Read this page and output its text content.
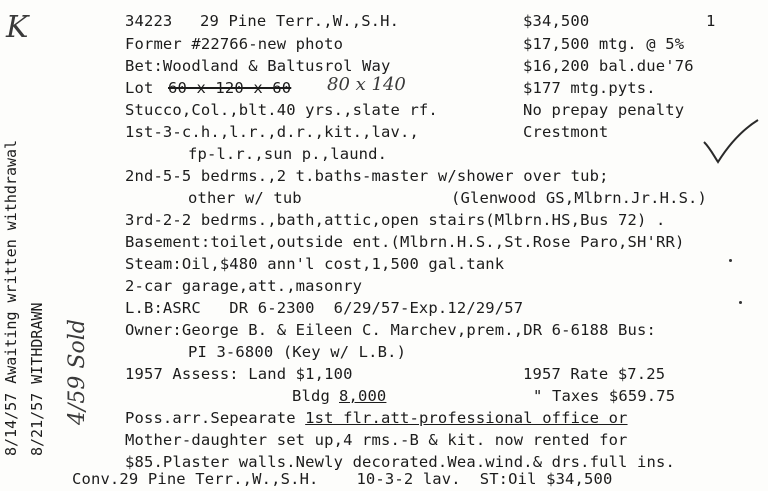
K
8/14/57 Awaiting written withdrawal 8/21/57 WITHDRAWN 4/59 Sold
34223 29 Pine Terr.,W.,S.H.	$34,500	1
Former #22766-new photo	$17,500 mtg. @ 5%
Bet:Woodland & Baltusrol Way	$16,200 bal.due'76
Lot 60 x 120 x 60 80 x 140	$177 mtg.pyts.
Stucco,Col.,blt.40 yrs.,slate rf.	No prepay penalty
1st-3-c.h.,l.r.,d.r.,kit.,lav.,	Crestmont
fp-l.r.,sun p.,laund.
2nd-5-5 bedrms.,2 t.baths-master w/shower over tub;
other w/ tub	(Glenwood GS,Mlbrn.Jr.H.S.)
3rd-2-2 bedrms.,bath,attic,open stairs(Mlbrn.HS,Bus 72) .
Basement:toilet,outside ent.(Mlbrn.H.S.,St.Rose Paro,SH'RR)
Steam:Oil,$480 ann'l cost,1,500 gal.tank
2-car garage,att.,masonry
L.B:ASRC   DR 6-2300  6/29/57-Exp.12/29/57
Owner:George B. & Eileen C. Marchev,prem.,DR 6-6188 Bus:
PI 3-6800 (Key w/ L.B.)
1957 Assess: Land $1,100	1957 Rate $7.25
Bldg 8,000	" Taxes $659.75
Poss.arr.Sepearate 1st flr.att-professional office or
Mother-daughter set up,4 rms.-B & kit. now rented for
$85.Plaster walls.Newly decorated.Wea.wind.& drs.full ins.
Conv.29 Pine Terr.,W.,S.H.    10-3-2 lav.  ST:Oil $34,500
